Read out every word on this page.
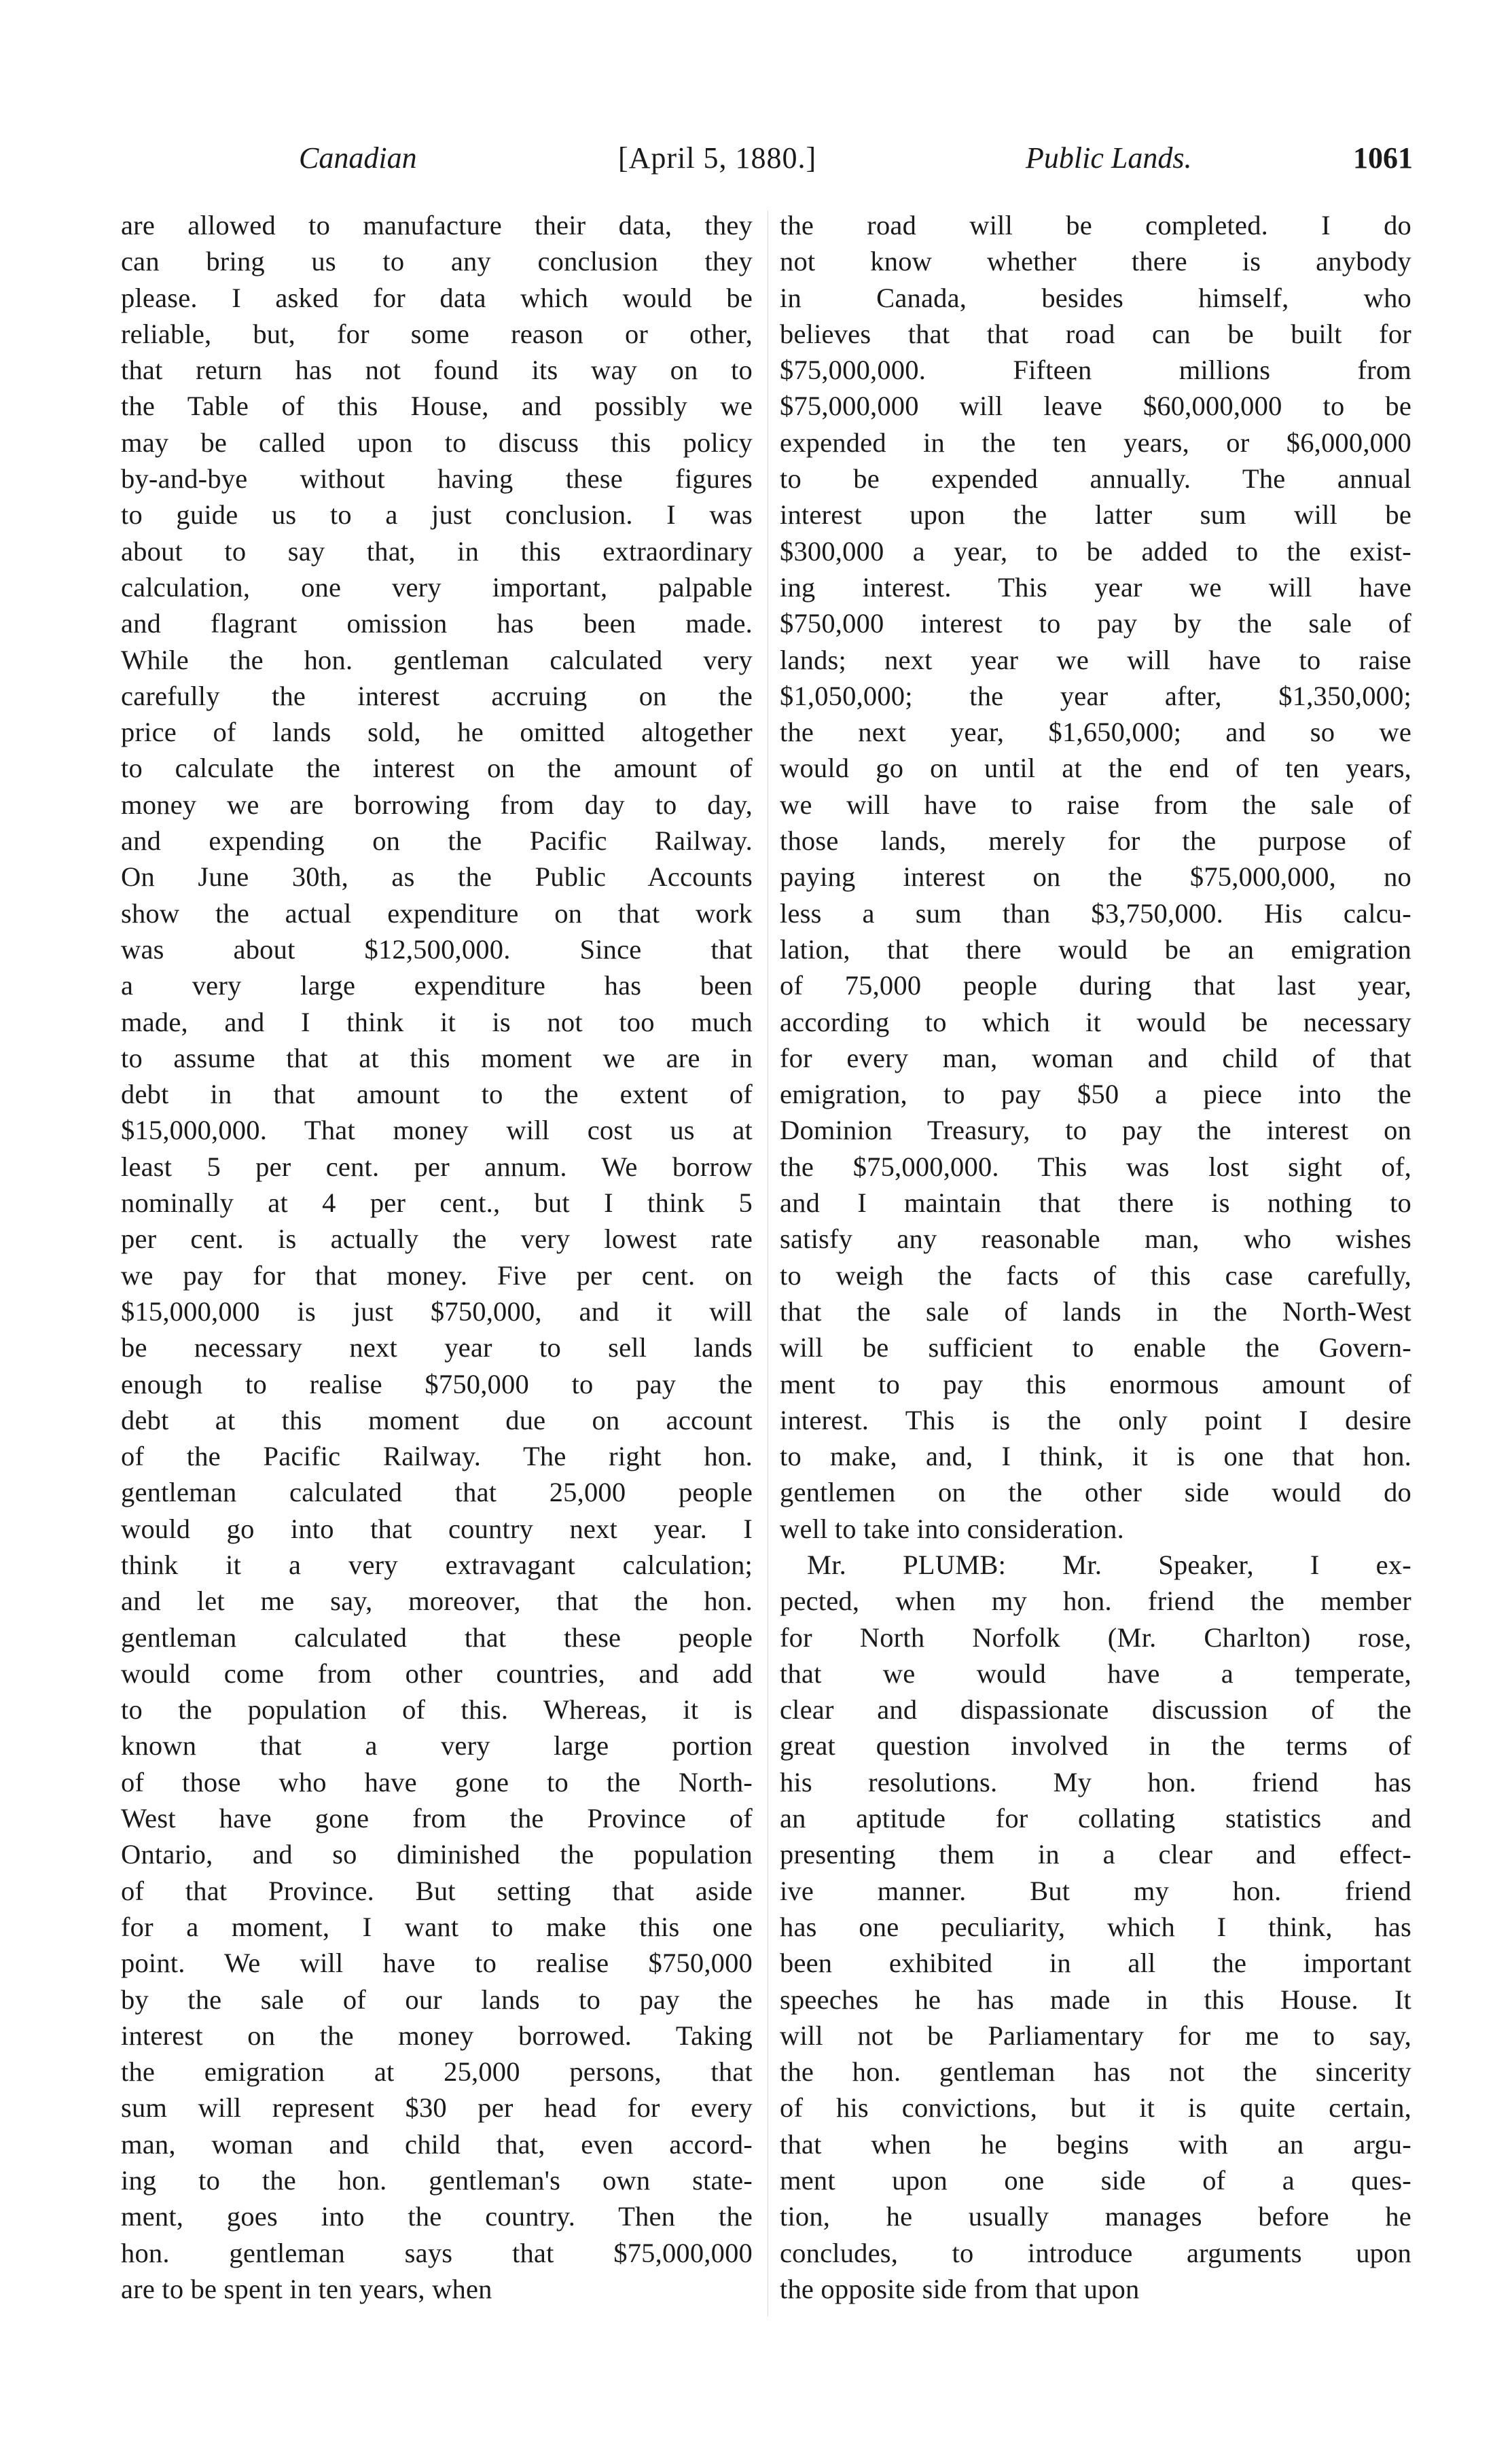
Canadian	[April 5, 1880.]	Public Lands.	1061
are allowed to manufacture their data, they
can bring us to any conclusion they
please. I asked for data which would be
reliable, but, for some reason or other,
that return has not found its way on to
the Table of this House, and possibly we
may be called upon to discuss this policy
by-and-bye without having these figures
to guide us to a just conclusion. I was
about to say that, in this extraordinary
calculation, one very important, palpable
and flagrant omission has been made.
While the hon. gentleman calculated very
carefully the interest accruing on the
price of lands sold, he omitted altogether
to calculate the interest on the amount of
money we are borrowing from day to day,
and expending on the Pacific Railway.
On June 30th, as the Public Accounts
show the actual expenditure on that work
was about $12,500,000. Since that
a very large expenditure has been
made, and I think it is not too much
to assume that at this moment we are in
debt in that amount to the extent of
$15,000,000. That money will cost us at
least 5 per cent. per annum. We borrow
nominally at 4 per cent., but I think 5
per cent. is actually the very lowest rate
we pay for that money. Five per cent. on
$15,000,000 is just $750,000, and it will
be necessary next year to sell lands
enough to realise $750,000 to pay the
debt at this moment due on account
of the Pacific Railway. The right hon.
gentleman calculated that 25,000 people
would go into that country next year. I
think it a very extravagant calculation;
and let me say, moreover, that the hon.
gentleman calculated that these people
would come from other countries, and add
to the population of this. Whereas, it is
known that a very large portion
of those who have gone to the North-
West have gone from the Province of
Ontario, and so diminished the population
of that Province. But setting that aside
for a moment, I want to make this one
point. We will have to realise $750,000
by the sale of our lands to pay the
interest on the money borrowed. Taking
the emigration at 25,000 persons, that
sum will represent $30 per head for every
man, woman and child that, even accord-
ing to the hon. gentleman's own state-
ment, goes into the country. Then the
hon. gentleman says that $75,000,000
are to be spent in ten years, when
the road will be completed. I do
not know whether there is anybody
in Canada, besides himself, who
believes that that road can be built for
$75,000,000. Fifteen millions from
$75,000,000 will leave $60,000,000 to be
expended in the ten years, or $6,000,000
to be expended annually. The annual
interest upon the latter sum will be
$300,000 a year, to be added to the exist-
ing interest. This year we will have
$750,000 interest to pay by the sale of
lands; next year we will have to raise
$1,050,000; the year after, $1,350,000;
the next year, $1,650,000; and so we
would go on until at the end of ten years,
we will have to raise from the sale of
those lands, merely for the purpose of
paying interest on the $75,000,000, no
less a sum than $3,750,000. His calcu-
lation, that there would be an emigration
of 75,000 people during that last year,
according to which it would be necessary
for every man, woman and child of that
emigration, to pay $50 a piece into the
Dominion Treasury, to pay the interest on
the $75,000,000. This was lost sight of,
and I maintain that there is nothing to
satisfy any reasonable man, who wishes
to weigh the facts of this case carefully,
that the sale of lands in the North-West
will be sufficient to enable the Govern-
ment to pay this enormous amount of
interest. This is the only point I desire
to make, and, I think, it is one that hon.
gentlemen on the other side would do
well to take into consideration.
Mr. PLUMB: Mr. Speaker, I ex-
pected, when my hon. friend the member
for North Norfolk (Mr. Charlton) rose,
that we would have a temperate,
clear and dispassionate discussion of the
great question involved in the terms of
his resolutions. My hon. friend has
an aptitude for collating statistics and
presenting them in a clear and effect-
ive manner. But my hon. friend
has one peculiarity, which I think, has
been exhibited in all the important
speeches he has made in this House. It
will not be Parliamentary for me to say,
the hon. gentleman has not the sincerity
of his convictions, but it is quite certain,
that when he begins with an argu-
ment upon one side of a ques-
tion, he usually manages before he
concludes, to introduce arguments upon
the opposite side from that upon
